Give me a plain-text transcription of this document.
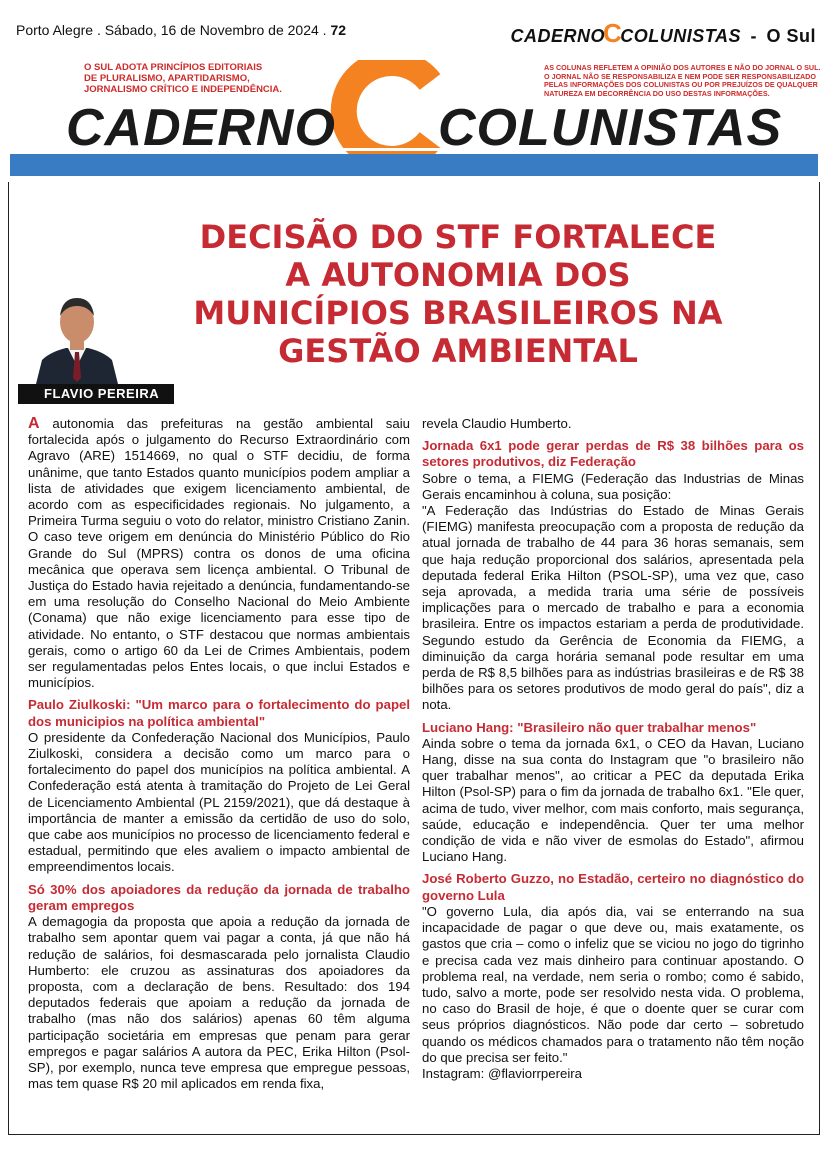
Porto Alegre . Sábado, 16 de Novembro de 2024 . 72	CADERNOCCOLUNISTAS - O Sul
O SUL ADOTA PRINCÍPIOS EDITORIAIS
DE PLURALISMO, APARTIDARISMO,
JORNALISMO CRÍTICO E INDEPENDÊNCIA.
AS COLUNAS REFLETEM A OPINIÃO DOS AUTORES E NÃO DO JORNAL O SUL.
O JORNAL NÃO SE RESPONSABILIZA E NEM PODE SER RESPONSABILIZADO
PELAS INFORMAÇÕES DOS COLUNISTAS OU POR PREJUÍZOS DE QUALQUER
NATUREZA EM DECORRÊNCIA DO USO DESTAS INFORMAÇÕES.
CADERNO COLUNISTAS
DECISÃO DO STF FORTALECE
A AUTONOMIA DOS
MUNICÍPIOS BRASILEIROS NA
GESTÃO AMBIENTAL
FLAVIO PEREIRA

A autonomia das prefeituras na gestão ambiental saiu fortalecida após o julgamento do Recurso Extraordinário com Agravo (ARE) 1514669, no qual o STF decidiu, de forma unânime, que tanto Estados quanto municípios podem ampliar a lista de atividades que exigem licenciamento ambiental, de acordo com as especificidades regionais. No julgamento, a Primeira Turma seguiu o voto do relator, ministro Cristiano Zanin. O caso teve origem em denúncia do Ministério Público do Rio Grande do Sul (MPRS) contra os donos de uma oficina mecânica que operava sem licença ambiental. O Tribunal de Justiça do Estado havia rejeitado a denúncia, fundamentando-se em uma resolução do Conselho Nacional do Meio Ambiente (Conama) que não exige licenciamento para esse tipo de atividade. No entanto, o STF destacou que normas ambientais gerais, como o artigo 60 da Lei de Crimes Ambientais, podem ser regulamentadas pelos Entes locais, o que inclui Estados e municípios.

Paulo Ziulkoski: "Um marco para o fortalecimento do papel dos municipios na política ambiental"

O presidente da Confederação Nacional dos Municípios, Paulo Ziulkoski, considera a decisão como um marco para o fortalecimento do papel dos municípios na política ambiental. A Confederação está atenta à tramitação do Projeto de Lei Geral de Licenciamento Ambiental (PL 2159/2021), que dá destaque à importância de manter a emissão da certidão de uso do solo, que cabe aos municípios no processo de licenciamento federal e estadual, permitindo que eles avaliem o impacto ambiental de empreendimentos locais.

Só 30% dos apoiadores da redução da jornada de trabalho geram empregos

A demagogia da proposta que apoia a redução da jornada de trabalho sem apontar quem vai pagar a conta, já que não há redução de salários, foi desmascarada pelo jornalista Claudio Humberto: ele cruzou as assinaturas dos apoiadores da proposta, com a declaração de bens. Resultado: dos 194 deputados federais que apoiam a redução da jornada de trabalho (mas não dos salários) apenas 60 têm alguma participação societária em empresas que penam para gerar empregos e pagar salários A autora da PEC, Erika Hilton (Psol-SP), por exemplo, nunca teve empresa que empregue pessoas, mas tem quase R$ 20 mil aplicados em renda fixa,

revela Claudio Humberto.

Jornada 6x1 pode gerar perdas de R$ 38 bilhões para os setores produtivos, diz Federação

Sobre o tema, a FIEMG (Federação das Industrias de Minas Gerais encaminhou à coluna, sua posição:

"A Federação das Indústrias do Estado de Minas Gerais (FIEMG) manifesta preocupação com a proposta de redução da atual jornada de trabalho de 44 para 36 horas semanais, sem que haja redução proporcional dos salários, apresentada pela deputada federal Erika Hilton (PSOL-SP), uma vez que, caso seja aprovada, a medida traria uma série de possíveis implicações para o mercado de trabalho e para a economia brasileira. Entre os impactos estariam a perda de produtividade. Segundo estudo da Gerência de Economia da FIEMG, a diminuição da carga horária semanal pode resultar em uma perda de R$ 8,5 bilhões para as indústrias brasileiras e de R$ 38 bilhões para os setores produtivos de modo geral do país", diz a nota.

Luciano Hang: "Brasileiro não quer trabalhar menos"

Ainda sobre o tema da jornada 6x1, o CEO da Havan, Luciano Hang, disse na sua conta do Instagram que "o brasileiro não quer trabalhar menos", ao criticar a PEC da deputada Erika Hilton (Psol-SP) para o fim da jornada de trabalho 6x1. "Ele quer, acima de tudo, viver melhor, com mais conforto, mais segurança, saúde, educação e independência. Quer ter uma melhor condição de vida e não viver de esmolas do Estado", afirmou Luciano Hang.

José Roberto Guzzo, no Estadão, certeiro no diagnóstico do governo Lula

"O governo Lula, dia após dia, vai se enterrando na sua incapacidade de pagar o que deve ou, mais exatamente, os gastos que cria – como o infeliz que se viciou no jogo do tigrinho e precisa cada vez mais dinheiro para continuar apostando. O problema real, na verdade, nem seria o rombo; como é sabido, tudo, salvo a morte, pode ser resolvido nesta vida. O problema, no caso do Brasil de hoje, é que o doente quer se curar com seus próprios diagnósticos. Não pode dar certo – sobretudo quando os médicos chamados para o tratamento não têm noção do que precisa ser feito."

Instagram: @flaviorrpereira
